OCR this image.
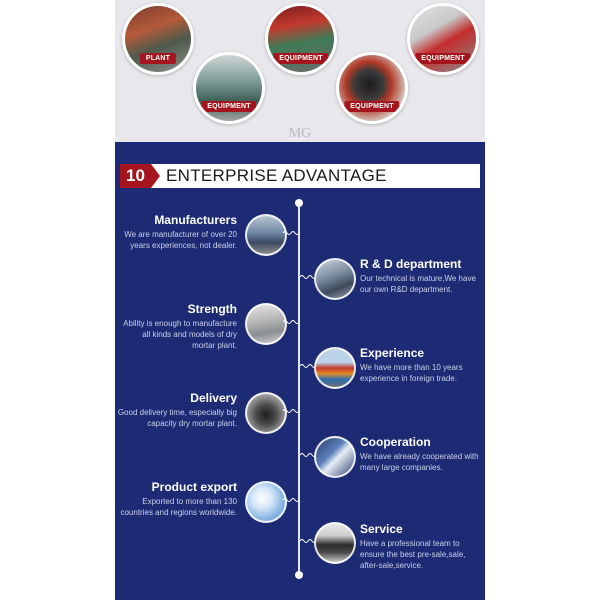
PLANT
EQUIPMENT
EQUIPMENT
EQUIPMENT
EQUIPMENT
MG
10	ENTERPRISE ADVANTAGE
Manufacturers
We are manufacturer of over 20
years experiences, not dealer.
Strength
Ability is enough to manufacture
all kinds and models of dry
mortar plant.
Delivery
Good delivery time, especially big
capacity dry mortar plant.
Product export
Exported to more than 130
countries and regions worldwide.
R & D department
Our technical is mature,We have
our own R&D department.
Experience
We have more than 10 years
experience in foreign trade.
Cooperation
We have already cooperated with
many large companies.
Service
Have a professional team to
ensure the best pre-sale,sale,
after-sale,service.
